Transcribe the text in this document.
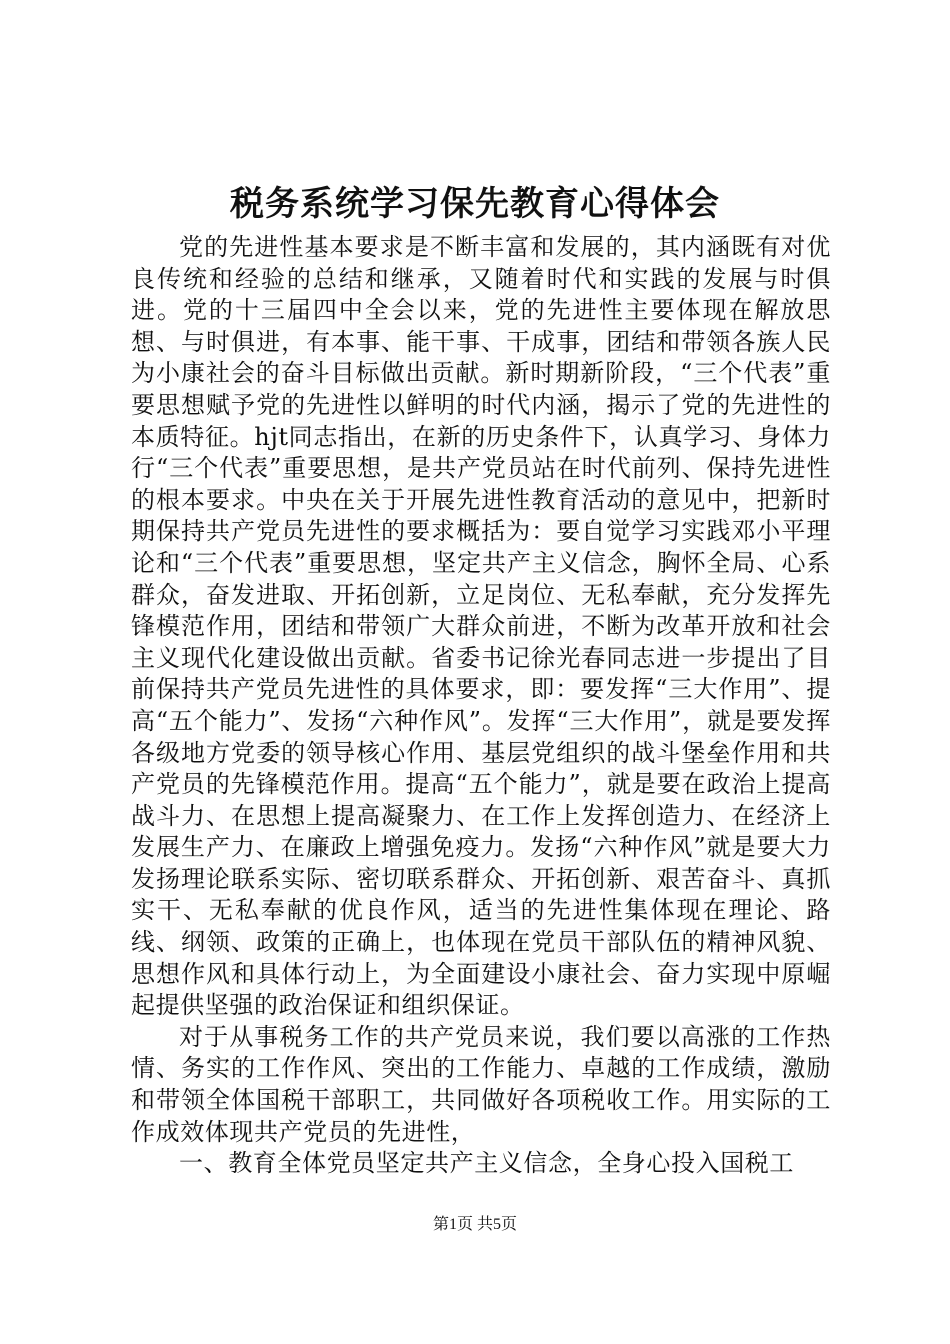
税务系统学习保先教育心得体会

党的先进性基本要求是不断丰富和发展的，其内涵既有对优良传统和经验的总结和继承，又随着时代和实践的发展与时俱进。党的十三届四中全会以来，党的先进性主要体现在解放思想、与时俱进，有本事、能干事、干成事，团结和带领各族人民为小康社会的奋斗目标做出贡献。新时期新阶段，“三个代表”重要思想赋予党的先进性以鲜明的时代内涵，揭示了党的先进性的本质特征。hjt同志指出，在新的历史条件下，认真学习、身体力行“三个代表”重要思想，是共产党员站在时代前列、保持先进性的根本要求。中央在关于开展先进性教育活动的意见中，把新时期保持共产党员先进性的要求概括为：要自觉学习实践邓小平理论和“三个代表”重要思想，坚定共产主义信念，胸怀全局、心系群众，奋发进取、开拓创新，立足岗位、无私奉献，充分发挥先锋模范作用，团结和带领广大群众前进，不断为改革开放和社会主义现代化建设做出贡献。省委书记徐光春同志进一步提出了目前保持共产党员先进性的具体要求，即：要发挥“三大作用”、提高“五个能力”、发扬“六种作风”。发挥“三大作用”，就是要发挥各级地方党委的领导核心作用、基层党组织的战斗堡垒作用和共产党员的先锋模范作用。提高“五个能力”，就是要在政治上提高战斗力、在思想上提高凝聚力、在工作上发挥创造力、在经济上发展生产力、在廉政上增强免疫力。发扬“六种作风”就是要大力发扬理论联系实际、密切联系群众、开拓创新、艰苦奋斗、真抓实干、无私奉献的优良作风，适当的先进性集体现在理论、路线、纲领、政策的正确上，也体现在党员干部队伍的精神风貌、思想作风和具体行动上，为全面建设小康社会、奋力实现中原崛起提供坚强的政治保证和组织保证。

对于从事税务工作的共产党员来说，我们要以高涨的工作热情、务实的工作作风、突出的工作能力、卓越的工作成绩，激励和带领全体国税干部职工，共同做好各项税收工作。用实际的工作成效体现共产党员的先进性，

一、教育全体党员坚定共产主义信念，全身心投入国税工

第1页 共5页
